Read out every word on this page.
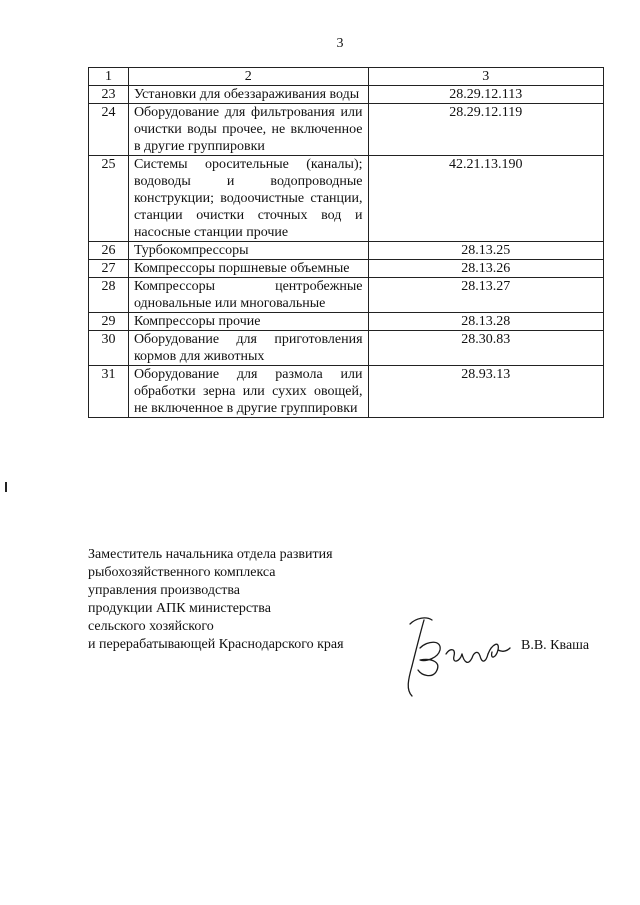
3
1	2	3
23	Установки для обеззараживания воды	28.29.12.113
24	Оборудование для фильтрования или очистки воды прочее, не включенное в другие группировки	28.29.12.119
25	Системы оросительные (каналы); водоводы и водопроводные конструкции; водоочистные станции, станции очистки сточных вод и насосные станции прочие	42.21.13.190
26	Турбокомпрессоры	28.13.25
27	Компрессоры поршневые объемные	28.13.26
28	Компрессоры центробежные одновальные или многовальные	28.13.27
29	Компрессоры прочие	28.13.28
30	Оборудование для приготовления кормов для животных	28.30.83
31	Оборудование для размола или обработки зерна или сухих овощей, не включенное в другие группировки	28.93.13
Заместитель начальника отдела развития
рыбохозяйственного комплекса
управления производства
продукции АПК министерства
сельского хозяйского
и перерабатывающей Краснодарского края	В.В. Кваша
